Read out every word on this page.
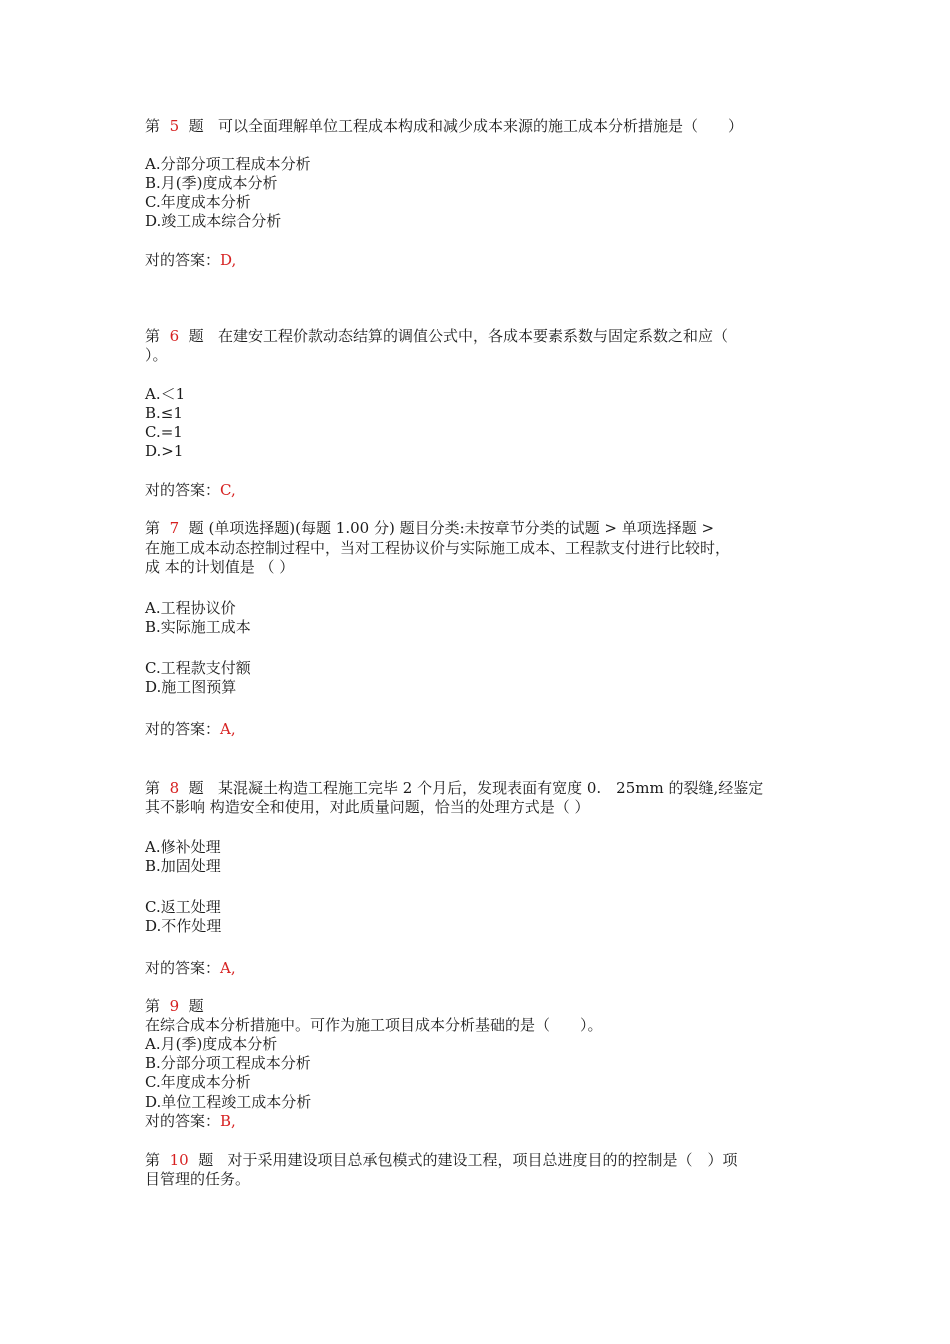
第 5 题 可以全面理解单位工程成本构成和减少成本来源的施工成本分析措施是（　　）
A.分部分项工程成本分析
B.月(季)度成本分析
C.年度成本分析
D.竣工成本综合分析
对的答案：D,
第 6 题 在建安工程价款动态结算的调值公式中，各成本要素系数与固定系数之和应（
）。
A.＜1
B.≤1
C.=1
D.>1
对的答案：C,
第 7 题 (单项选择题)(每题 1.00 分) 题目分类:未按章节分类的试题 > 单项选择题 >
在施工成本动态控制过程中，当对工程协议价与实际施工成本、工程款支付进行比较时，
成 本的计划值是 （ ）
A.工程协议价
B.实际施工成本
C.工程款支付额
D.施工图预算
对的答案：A,
第 8 题 某混凝土构造工程施工完毕 2 个月后，发现表面有宽度 0.　25mm 的裂缝,经鉴定
其不影响 构造安全和使用，对此质量问题，恰当的处理方式是（ ）
A.修补处理
B.加固处理
C.返工处理
D.不作处理
对的答案：A,
第 9 题
在综合成本分析措施中。可作为施工项目成本分析基础的是（　　）。
A.月(季)度成本分析
B.分部分项工程成本分析
C.年度成本分析
D.单位工程竣工成本分析
对的答案：B,
第 10 题 对于采用建设项目总承包模式的建设工程，项目总进度目的的控制是（　）项
目管理的任务。
